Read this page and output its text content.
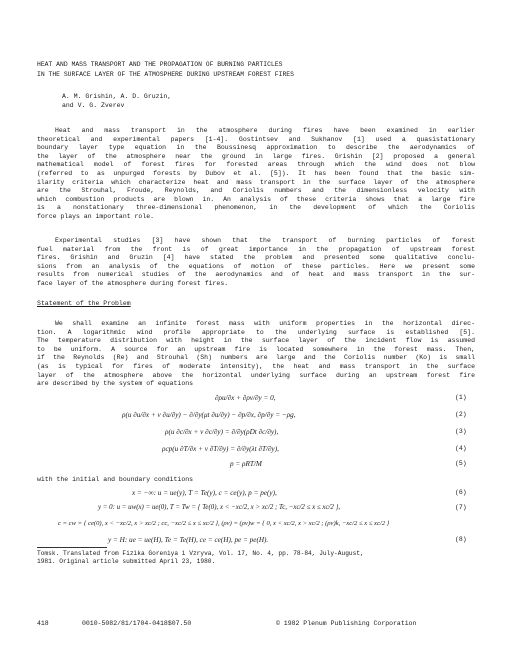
HEAT AND MASS TRANSPORT AND THE PROPAGATION OF BURNING PARTICLES
IN THE SURFACE LAYER OF THE ATMOSPHERE DURING UPSTREAM FOREST FIRES
A. M. Grishin, A. D. Gruzin,
and V. G. Zverev
Heat and mass transport in the atmosphere during fires have been examined in earlier
theoretical and experimental papers [1-4]. Gostintsev and Sukhanov [1] used a quasistationary
boundary layer type equation in the Boussinesq approximation to describe the aerodynamics of
the layer of the atmosphere near the ground in large fires. Grishin [2] proposed a general
mathematical model of forest fires for forested areas through which the wind does not blow
(referred to as unpurged forests by Dubov et al. [5]). It has been found that the basic sim-
ilarity criteria which characterize heat and mass transport in the surface layer of the atmosphere
are the Strouhal, Froude, Reynolds, and Coriolis numbers and the dimensionless velocity with
which combustion products are blown in. An analysis of these criteria shows that a large fire
is a nonstationary three-dimensional phenomenon, in the development of which the Coriolis
force plays an important role.
Experimental studies [3] have shown that the transport of burning particles of forest
fuel material from the front is of great importance in the propagation of upstream forest
fires. Grishin and Gruzin [4] have stated the problem and presented some qualitative conclu-
sions from an analysis of the equations of motion of these particles. Here we present some
results from numerical studies of the aerodynamics and of heat and mass transport in the sur-
face layer of the atmosphere during forest fires.
Statement of the Problem
We shall examine an infinite forest mass with uniform properties in the horizontal direc-
tion. A logarithmic wind profile appropriate to the underlying surface is established [5].
The temperature distribution with height in the surface layer of the incident flow is assumed
to be uniform. A source for an upstream fire is located somewhere in the forest mass. Then,
if the Reynolds (Re) and Strouhal (Sh) numbers are large and the Coriolis number (Ko) is small
(as is typical for fires of moderate intensity), the heat and mass transport in the surface
layer of the atmosphere above the horizontal underlying surface during an upstream forest fire
are described by the system of equations
∂ρu/∂x + ∂ρv/∂y = 0,	(1)
ρ(u ∂u/∂x + v ∂u/∂y) − ∂/∂y(μt ∂u/∂y) − ∂p/∂x, ∂p/∂y = −ρg,	(2)
ρ(u ∂c/∂x + v ∂c/∂y) = ∂/∂y(ρDt ∂c/∂y),	(3)
ρcp(u ∂T/∂x + v ∂T/∂y) = ∂/∂y(λt ∂T/∂y),	(4)
p = ρRT/M	(5)
with the initial and boundary conditions
x = −∞: u = ue(y), T = Te(y), c = ce(y), p = pe(y),	(6)
y = 0: u = uw(x) = ue(0), T = Tw = { Te(0), x < −xc/2, x > xc/2 ; Tc, −xc/2 ≤ x ≤ xc/2 },	(7)
c = cw = { ce(0), x < −xc/2, x > xc/2 ; cc, −xc/2 ≤ x ≤ xc/2 }, (ρv) = (ρv)w = { 0, x < xc/2, x > xc/2 ; (ρv)k, −xc/2 ≤ x ≤ xc/2 }
y = H: ue = ue(H), Te = Te(H), ce = ce(H), pe = pe(H).	(8)
Tomsk. Translated from Fizika Goreniya i Vzryva, Vol. 17, No. 4, pp. 78-84, July-August,
1981. Original article submitted April 23, 1980.
418	0010-5082/81/1704-0418$07.50	© 1982 Plenum Publishing Corporation
